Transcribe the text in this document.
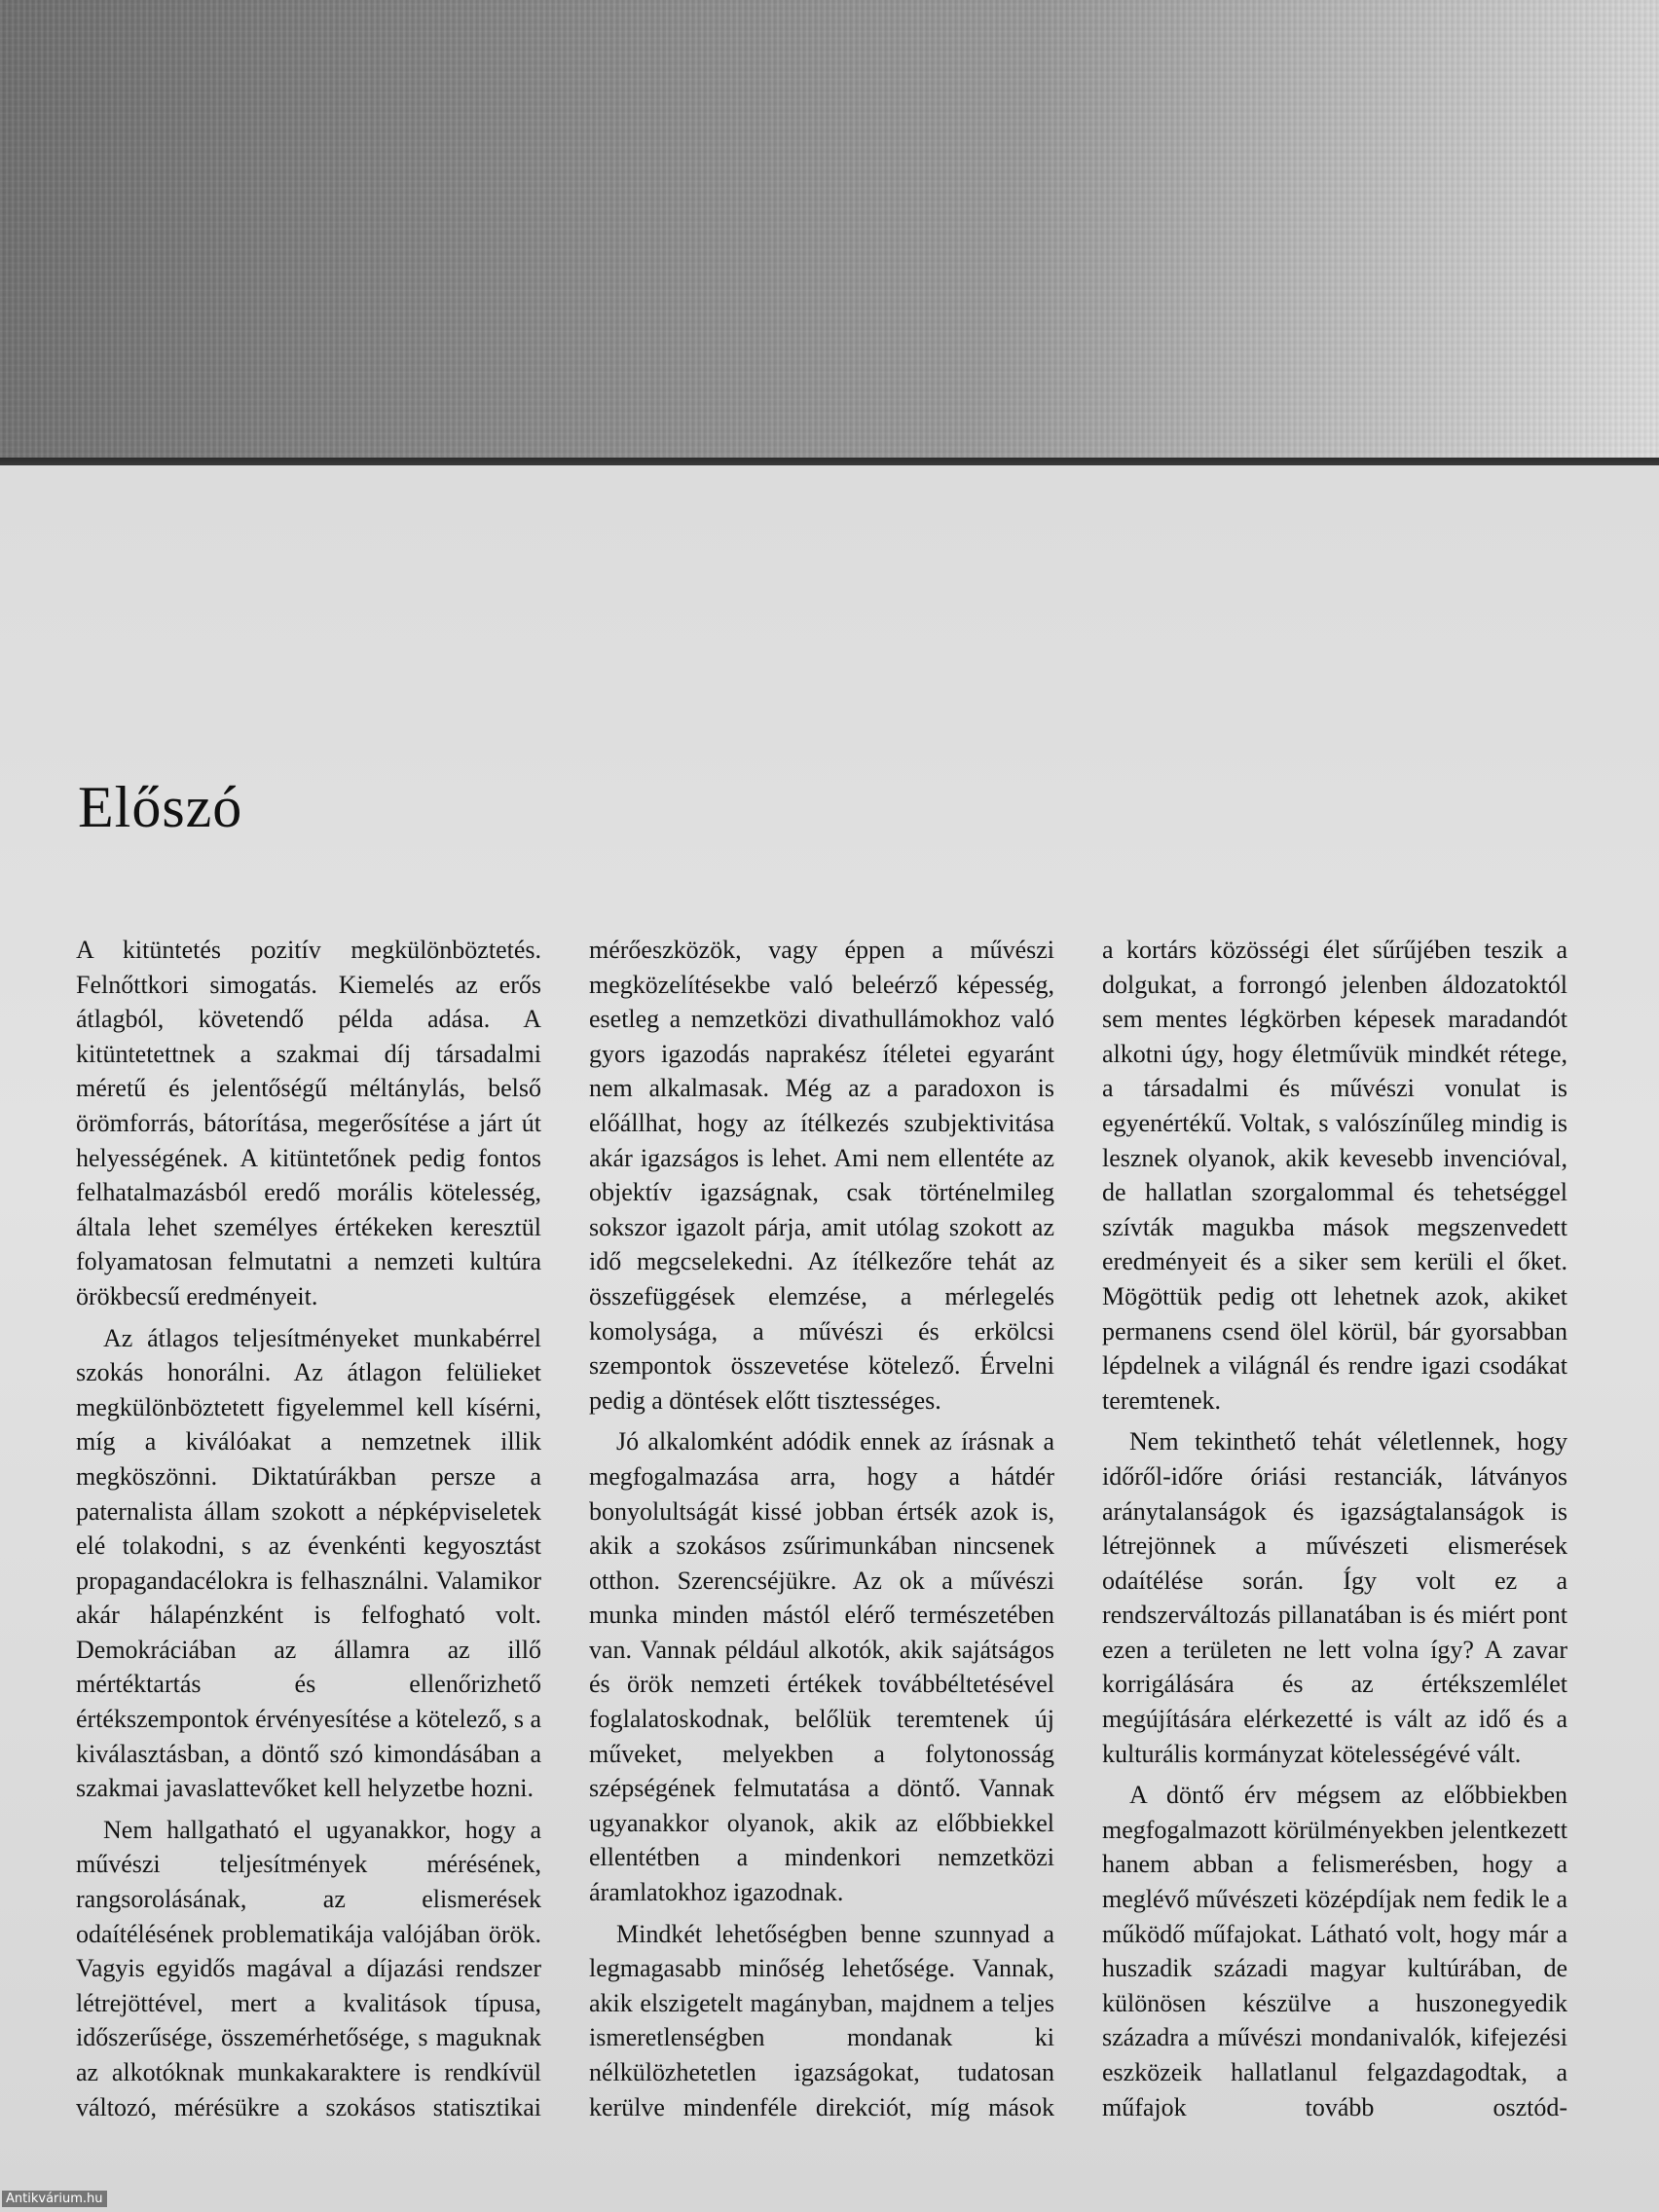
Előszó

A kitüntetés pozitív megkülönböztetés. Felnőttkori simogatás. Kiemelés az erős átlagból, követendő példa adása. A kitüntetettnek a szakmai díj társadalmi méretű és jelentőségű méltánylás, belső örömforrás, bátorítása, megerősítése a járt út helyességének. A kitüntetőnek pedig fontos felhatalmazásból eredő morális kötelesség, általa lehet személyes értékeken keresztül folyamatosan felmutatni a nemzeti kultúra örökbecsű eredményeit.

Az átlagos teljesítményeket munkabérrel szokás honorálni. Az átlagon felülieket megkülönböztetett figyelemmel kell kísérni, míg a kiválóakat a nemzetnek illik megköszönni. Diktatúrákban persze a paternalista állam szokott a népképviseletek elé tolakodni, s az évenkénti kegyosztást propagandacélokra is felhasználni. Valamikor akár hálapénzként is felfogható volt. Demokráciában az államra az illő mértéktartás és ellenőrizhető értékszempontok érvényesítése a kötelező, s a kiválasztásban, a döntő szó kimondásában a szakmai javaslattevőket kell helyzetbe hozni.

Nem hallgatható el ugyanakkor, hogy a művészi teljesítmények mérésének, rangsorolásának, az elismerések odaítélésének problematikája valójában örök. Vagyis egyidős magával a díjazási rendszer létrejöttével, mert a kvalitások típusa, időszerűsége, összemérhetősége, s maguknak az alkotóknak munkakaraktere is rendkívül változó, mérésükre a szokásos statisztikai

mérőeszközök, vagy éppen a művészi megközelítésekbe való beleérző képesség, esetleg a nemzetközi divathullámokhoz való gyors igazodás naprakész ítéletei egyaránt nem alkalmasak. Még az a paradoxon is előállhat, hogy az ítélkezés szubjektivitása akár igazságos is lehet. Ami nem ellentéte az objektív igazságnak, csak történelmileg sokszor igazolt párja, amit utólag szokott az idő megcselekedni. Az ítélkezőre tehát az összefüggések elemzése, a mérlegelés komolysága, a művészi és erkölcsi szempontok összevetése kötelező. Érvelni pedig a döntések előtt tisztességes.

Jó alkalomként adódik ennek az írásnak a megfogalmazása arra, hogy a hátdér bonyolultságát kissé jobban értsék azok is, akik a szokásos zsűrimunkában nincsenek otthon. Szerencséjükre. Az ok a művészi munka minden mástól elérő természetében van. Vannak például alkotók, akik sajátságos és örök nemzeti értékek továbbéltetésével foglalatoskodnak, belőlük teremtenek új műveket, melyekben a folytonosság szépségének felmutatása a döntő. Vannak ugyanakkor olyanok, akik az előbbiekkel ellentétben a mindenkori nemzetközi áramlatokhoz igazodnak.

Mindkét lehetőségben benne szunnyad a legmagasabb minőség lehetősége. Vannak, akik elszigetelt magányban, majdnem a teljes ismeretlenségben mondanak ki nélkülözhetetlen igazságokat, tudatosan kerülve mindenféle direkciót, míg mások

a kortárs közösségi élet sűrűjében teszik a dolgukat, a forrongó jelenben áldozatoktól sem mentes légkörben képesek maradandót alkotni úgy, hogy életművük mindkét rétege, a társadalmi és művészi vonulat is egyenértékű. Voltak, s valószínűleg mindig is lesznek olyanok, akik kevesebb invencióval, de hallatlan szorgalommal és tehetséggel szívták magukba mások megszenvedett eredményeit és a siker sem kerüli el őket. Mögöttük pedig ott lehetnek azok, akiket permanens csend ölel körül, bár gyorsabban lépdelnek a világnál és rendre igazi csodákat teremtenek.

Nem tekinthető tehát véletlennek, hogy időről-időre óriási restanciák, látványos aránytalanságok és igazságtalanságok is létrejönnek a művészeti elismerések odaítélése során. Így volt ez a rendszerváltozás pillanatában is és miért pont ezen a területen ne lett volna így? A zavar korrigálására és az értékszemlélet megújítására elérkezetté is vált az idő és a kulturális kormányzat kötelességévé vált.

A döntő érv mégsem az előbbiekben megfogalmazott körülményekben jelentkezett hanem abban a felismerésben, hogy a meglévő művészeti középdíjak nem fedik le a működő műfajokat. Látható volt, hogy már a huszadik századi magyar kultúrában, de különösen készülve a huszonegyedik századra a művészi mondanivalók, kifejezési eszközeik hallatlanul felgazdagodtak, a műfajok tovább osztód-

Antikvárium.hu
